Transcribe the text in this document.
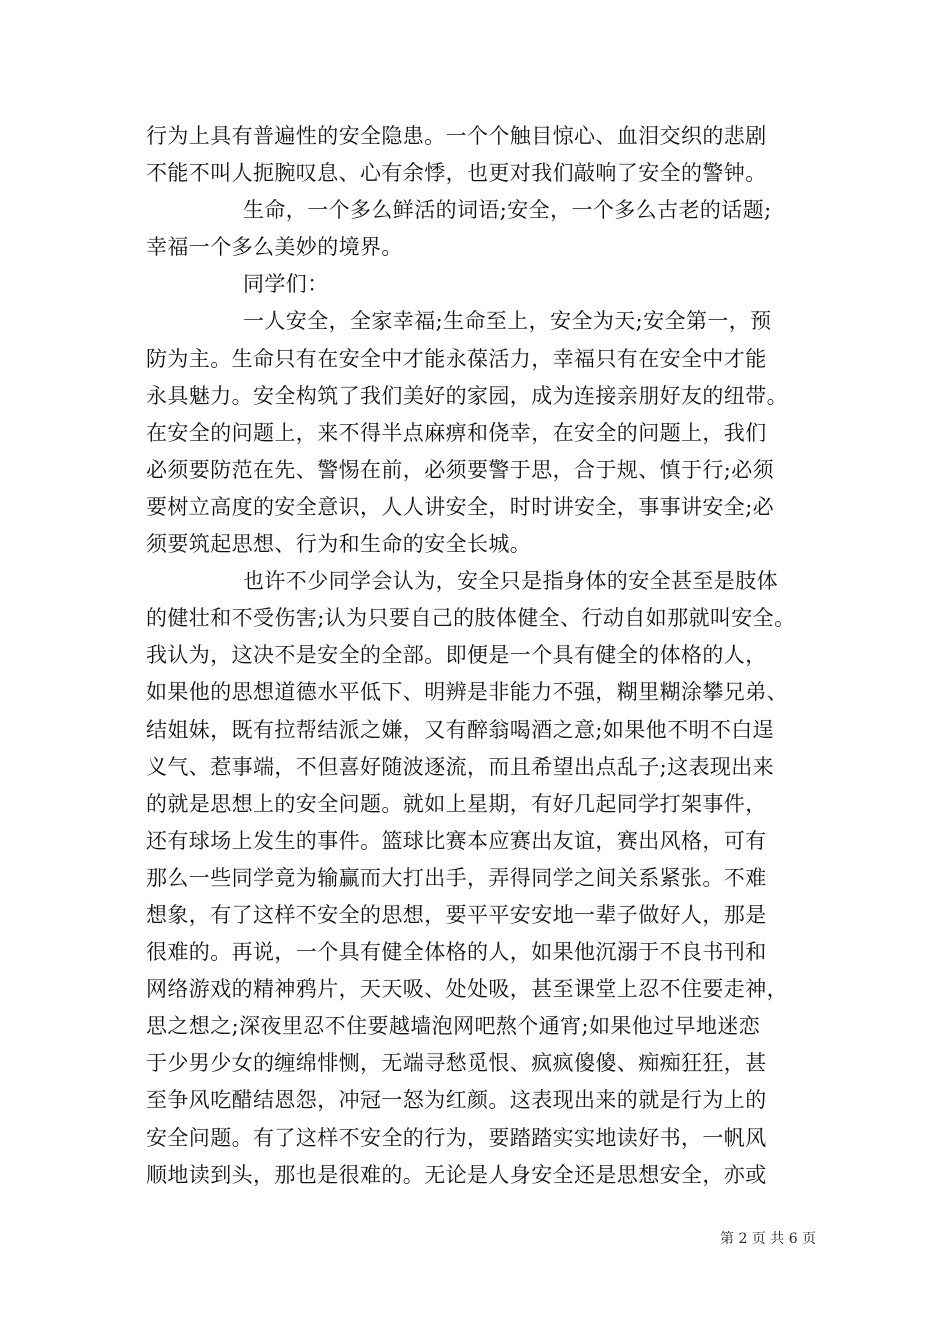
行为上具有普遍性的安全隐患。一个个触目惊心、血泪交织的悲剧
不能不叫人扼腕叹息、心有余悸，也更对我们敲响了安全的警钟。
生命，一个多么鲜活的词语;安全，一个多么古老的话题;
幸福一个多么美妙的境界。
同学们：
一人安全，全家幸福;生命至上，安全为天;安全第一，预
防为主。生命只有在安全中才能永葆活力，幸福只有在安全中才能
永具魅力。安全构筑了我们美好的家园，成为连接亲朋好友的纽带。
在安全的问题上，来不得半点麻痹和侥幸，在安全的问题上，我们
必须要防范在先、警惕在前，必须要警于思，合于规、慎于行;必须
要树立高度的安全意识，人人讲安全，时时讲安全，事事讲安全;必
须要筑起思想、行为和生命的安全长城。
也许不少同学会认为，安全只是指身体的安全甚至是肢体
的健壮和不受伤害;认为只要自己的肢体健全、行动自如那就叫安全。
我认为，这决不是安全的全部。即便是一个具有健全的体格的人，
如果他的思想道德水平低下、明辨是非能力不强，糊里糊涂攀兄弟、
结姐妹，既有拉帮结派之嫌，又有醉翁喝酒之意;如果他不明不白逞
义气、惹事端，不但喜好随波逐流，而且希望出点乱子;这表现出来
的就是思想上的安全问题。就如上星期，有好几起同学打架事件，
还有球场上发生的事件。篮球比赛本应赛出友谊，赛出风格，可有
那么一些同学竟为输赢而大打出手，弄得同学之间关系紧张。不难
想象，有了这样不安全的思想，要平平安安地一辈子做好人，那是
很难的。再说，一个具有健全体格的人，如果他沉溺于不良书刊和
网络游戏的精神鸦片，天天吸、处处吸，甚至课堂上忍不住要走神，
思之想之;深夜里忍不住要越墙泡网吧熬个通宵;如果他过早地迷恋
于少男少女的缠绵悱恻，无端寻愁觅恨、疯疯傻傻、痴痴狂狂，甚
至争风吃醋结恩怨，冲冠一怒为红颜。这表现出来的就是行为上的
安全问题。有了这样不安全的行为，要踏踏实实地读好书，一帆风
顺地读到头，那也是很难的。无论是人身安全还是思想安全，亦或
第 2 页 共 6 页
